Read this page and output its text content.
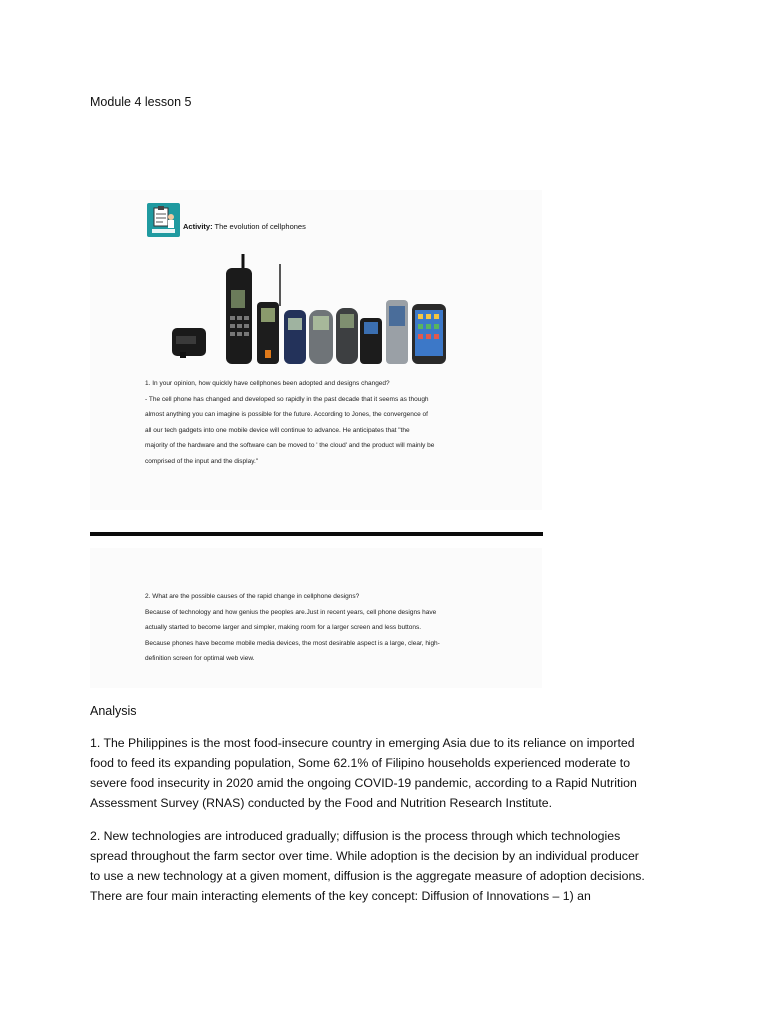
Module 4 lesson 5
Activity: The evolution of cellphones

1. In your opinion, how quickly have cellphones been adopted and designs changed?

- The cell phone has changed and developed so rapidly in the past decade that it seems as though

almost anything you can imagine is possible for the future. According to Jones, the convergence of

all our tech gadgets into one mobile device will continue to advance. He anticipates that "the

majority of the hardware and the software can be moved to ' the cloud' and the product will mainly be

comprised of the input and the display."

2. What are the possible causes of the rapid change in cellphone designs?

Because of technology and how genius the peoples are.Just in recent years, cell phone designs have

actually started to become larger and simpler, making room for a larger screen and less buttons.

Because phones have become mobile media devices, the most desirable aspect is a large, clear, high-

definition screen for optimal web view.

Analysis

1. The Philippines is the most food-insecure country in emerging Asia due to its reliance on imported

food to feed its expanding population, Some 62.1% of Filipino households experienced moderate to

severe food insecurity in 2020 amid the ongoing COVID-19 pandemic, according to a Rapid Nutrition

Assessment Survey (RNAS) conducted by the Food and Nutrition Research Institute.

2. New technologies are introduced gradually; diffusion is the process through which technologies

spread throughout the farm sector over time. While adoption is the decision by an individual producer

to use a new technology at a given moment, diffusion is the aggregate measure of adoption decisions.

There are four main interacting elements of the key concept: Diffusion of Innovations – 1) an
